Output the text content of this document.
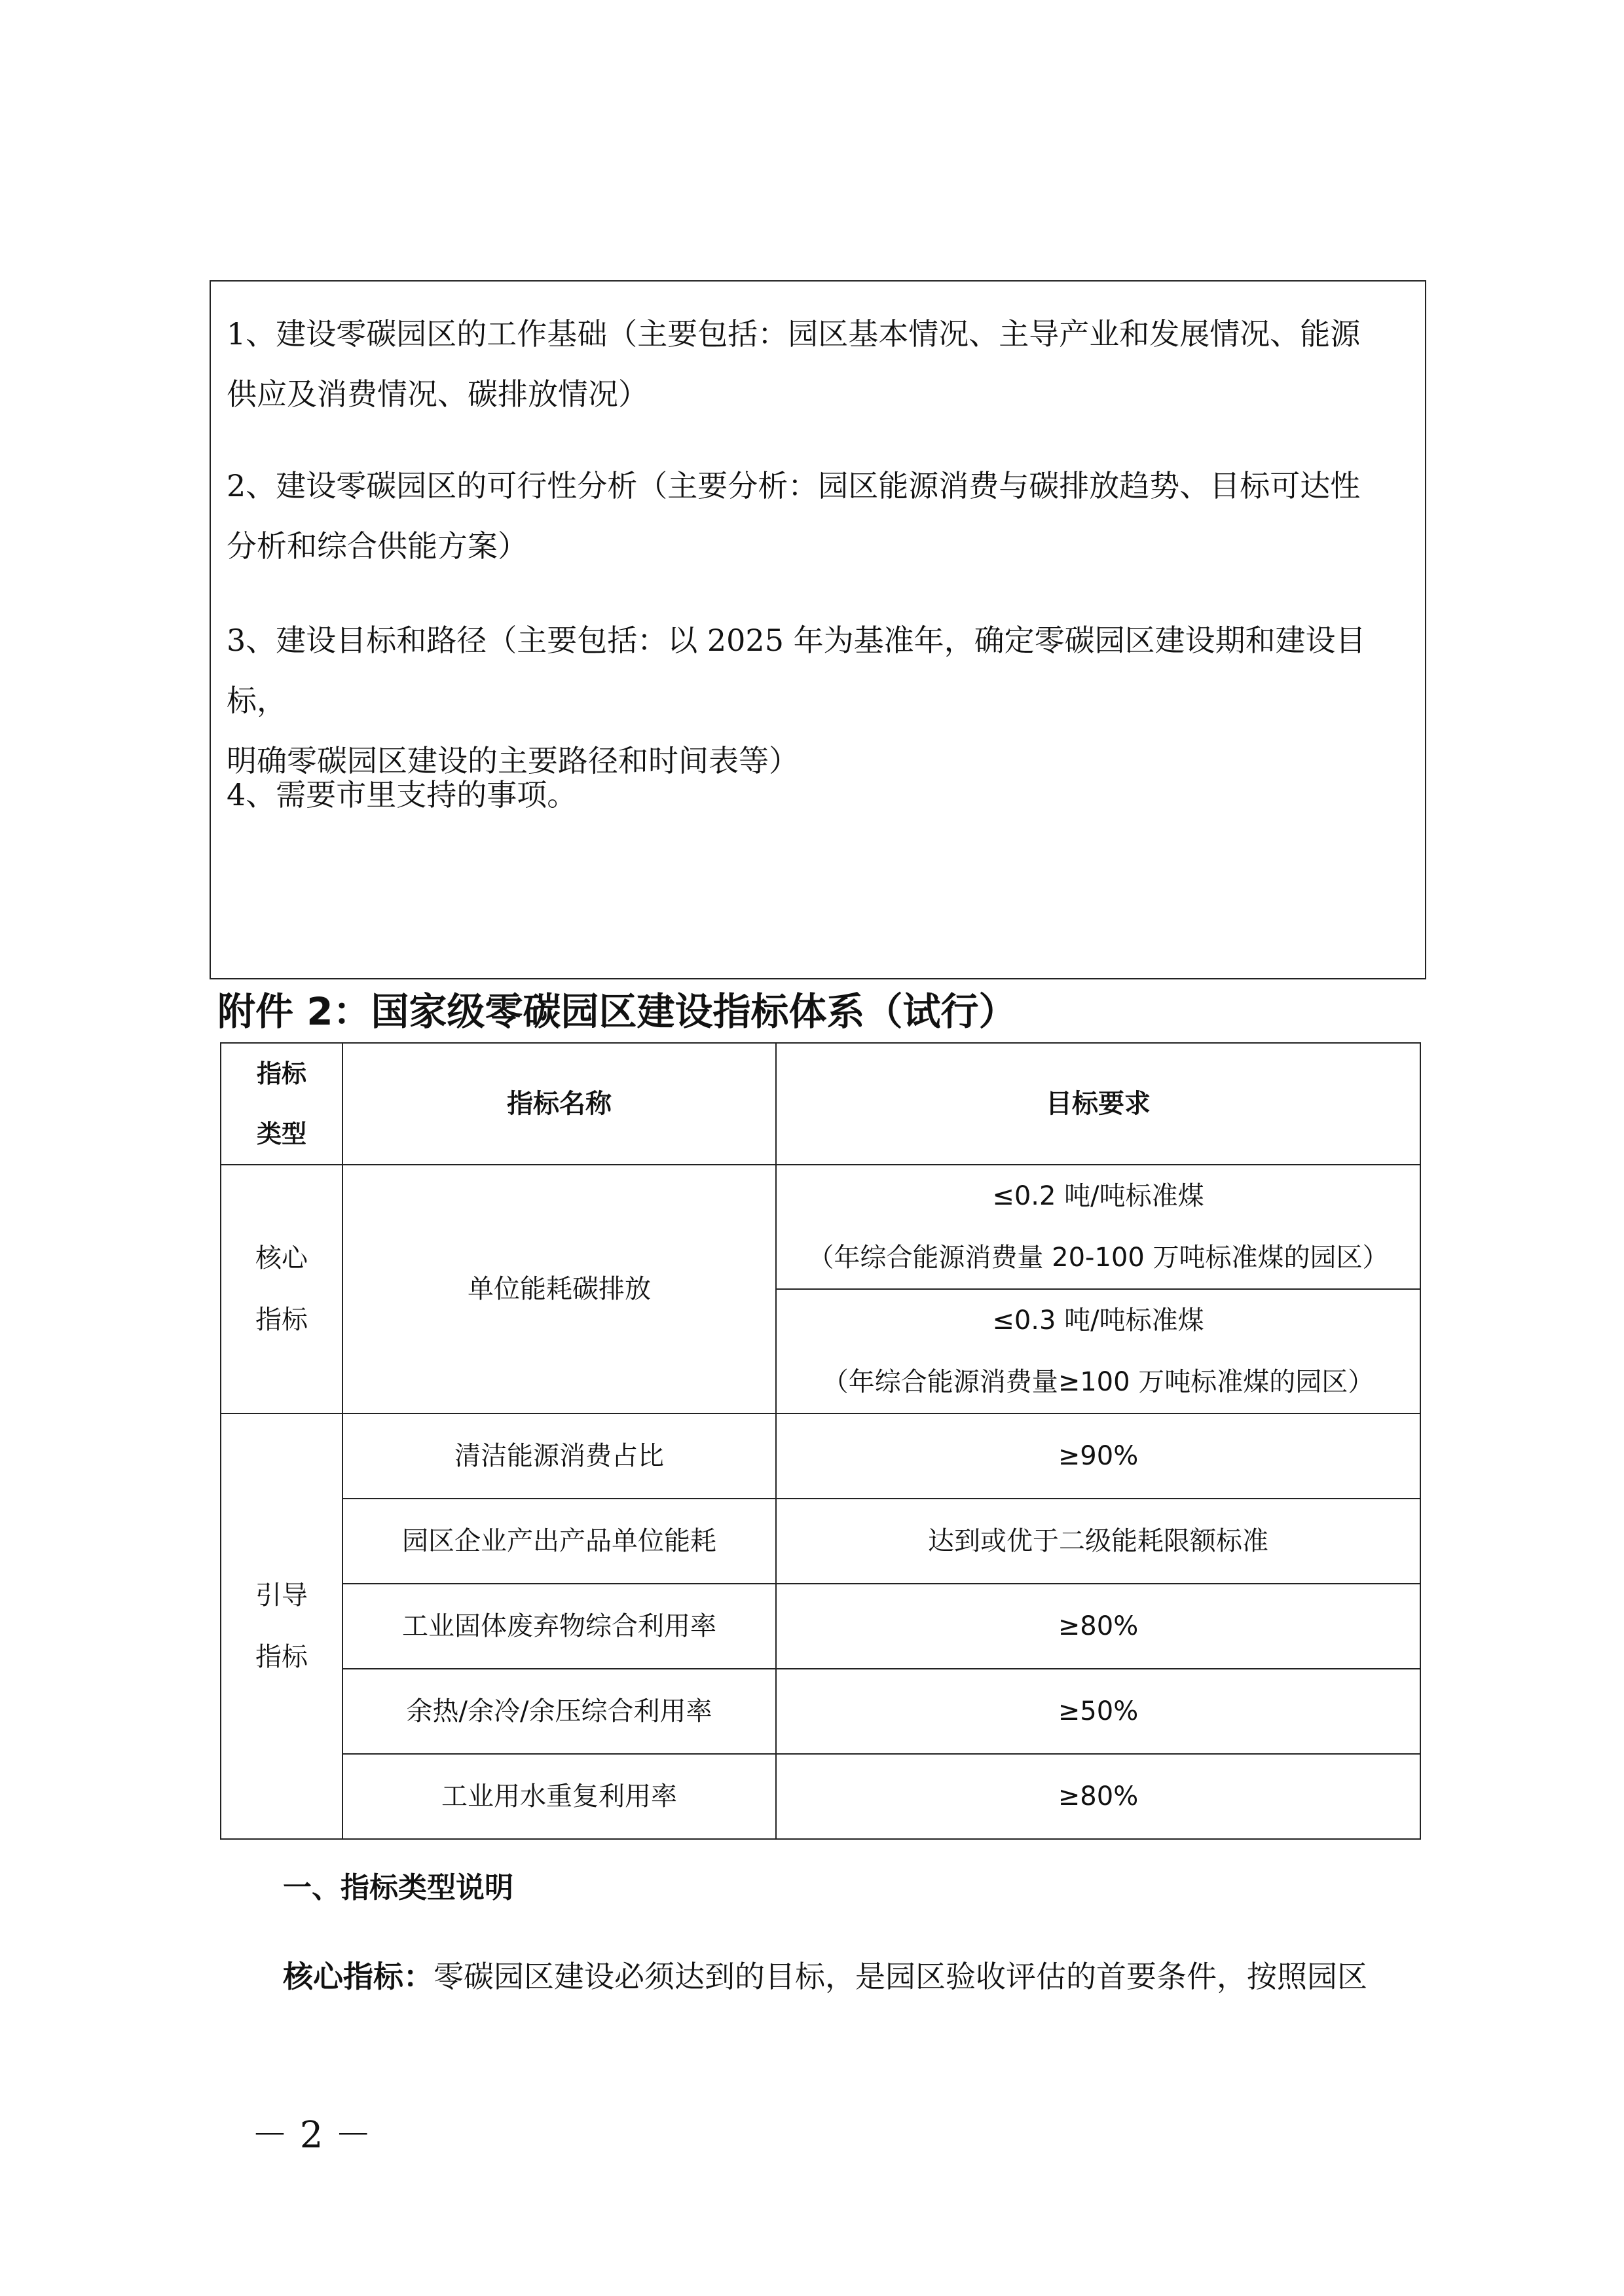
1、建设零碳园区的工作基础（主要包括：园区基本情况、主导产业和发展情况、能源
供应及消费情况、碳排放情况）

2、建设零碳园区的可行性分析（主要分析：园区能源消费与碳排放趋势、目标可达性
分析和综合供能方案）

3、建设目标和路径（主要包括：以 2025 年为基准年，确定零碳园区建设期和建设目标，
明确零碳园区建设的主要路径和时间表等）

4、需要市里支持的事项。

附件 2：国家级零碳园区建设指标体系（试行）
指标
类型	指标名称	目标要求
核心
指标	单位能耗碳排放	≤0.2 吨/吨标准煤
（年综合能源消费量 20-100 万吨标准煤的园区）
		≤0.3 吨/吨标准煤
（年综合能源消费量≥100 万吨标准煤的园区）
引导
指标	清洁能源消费占比	≥90%
	园区企业产出产品单位能耗	达到或优于二级能耗限额标准
	工业固体废弃物综合利用率	≥80%
	余热/余冷/余压综合利用率	≥50%
	工业用水重复利用率	≥80%
一、指标类型说明

核心指标：零碳园区建设必须达到的目标，是园区验收评估的首要条件，按照园区

－ 2 －
